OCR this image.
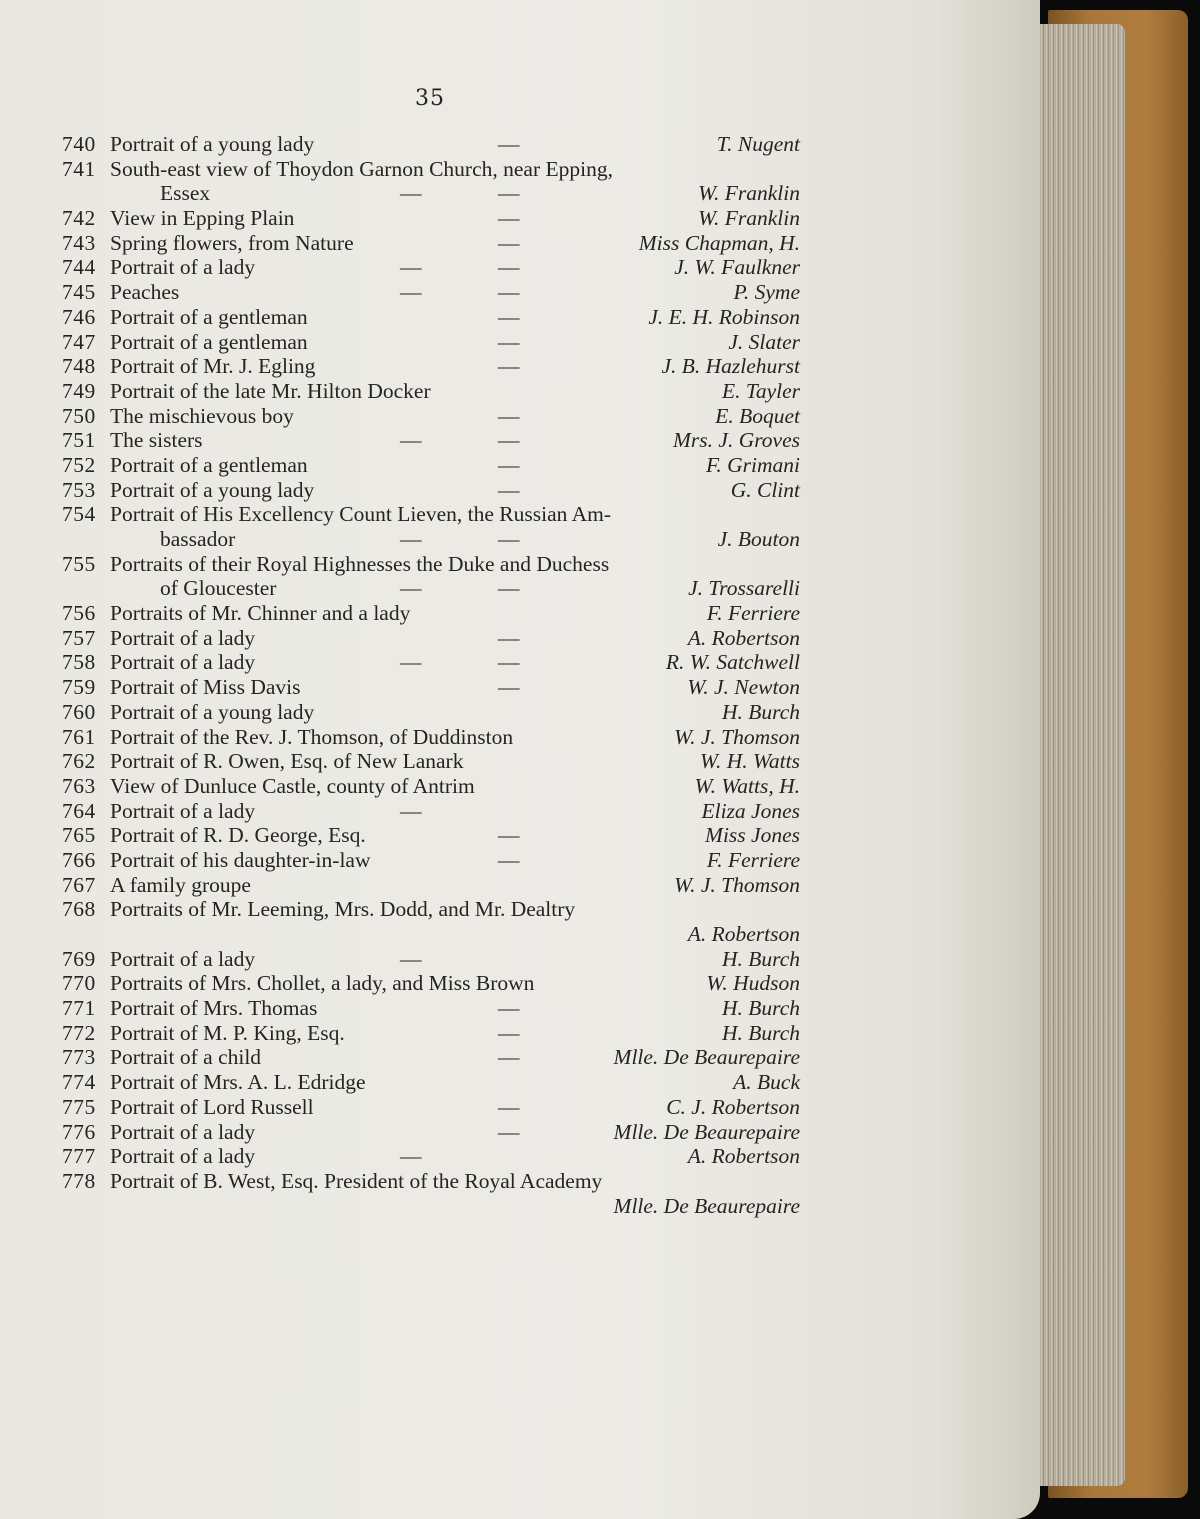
35
740 Portrait of a young lady	—	T. Nugent
741 South-east view of Thoydon Garnon Church, near Epping,
Essex	—	—	W. Franklin
742 View in Epping Plain	—	W. Franklin
743 Spring flowers, from Nature	—	Miss Chapman, H.
744 Portrait of a lady	—	—	J. W. Faulkner
745 Peaches	—	—	P. Syme
746 Portrait of a gentleman	—	J. E. H. Robinson
747 Portrait of a gentleman	—	J. Slater
748 Portrait of Mr. J. Egling	—	J. B. Hazlehurst
749 Portrait of the late Mr. Hilton Docker	E. Tayler
750 The mischievous boy	—	E. Boquet
751 The sisters	—	—	Mrs. J. Groves
752 Portrait of a gentleman	—	F. Grimani
753 Portrait of a young lady	—	G. Clint
754 Portrait of His Excellency Count Lieven, the Russian Am-
bassador	—	—	J. Bouton
755 Portraits of their Royal Highnesses the Duke and Duchess
of Gloucester	—	—	J. Trossarelli
756 Portraits of Mr. Chinner and a lady	F. Ferriere
757 Portrait of a lady	—	A. Robertson
758 Portrait of a lady	—	—	R. W. Satchwell
759 Portrait of Miss Davis	—	W. J. Newton
760 Portrait of a young lady	H. Burch
761 Portrait of the Rev. J. Thomson, of Duddinston	W. J. Thomson
762 Portrait of R. Owen, Esq. of New Lanark	W. H. Watts
763 View of Dunluce Castle, county of Antrim	W. Watts, H.
764 Portrait of a lady	—	Eliza Jones
765 Portrait of R. D. George, Esq.	—	Miss Jones
766 Portrait of his daughter-in-law	—	F. Ferriere
767 A family groupe	W. J. Thomson
768 Portraits of Mr. Leeming, Mrs. Dodd, and Mr. Dealtry
A. Robertson
769 Portrait of a lady	—	H. Burch
770 Portraits of Mrs. Chollet, a lady, and Miss Brown	W. Hudson
771 Portrait of Mrs. Thomas	—	H. Burch
772 Portrait of M. P. King, Esq.	—	H. Burch
773 Portrait of a child	—	Mlle. De Beaurepaire
774 Portrait of Mrs. A. L. Edridge	A. Buck
775 Portrait of Lord Russell	—	C. J. Robertson
776 Portrait of a lady	—	Mlle. De Beaurepaire
777 Portrait of a lady	—	A. Robertson
778 Portrait of B. West, Esq. President of the Royal Academy
Mlle. De Beaurepaire
